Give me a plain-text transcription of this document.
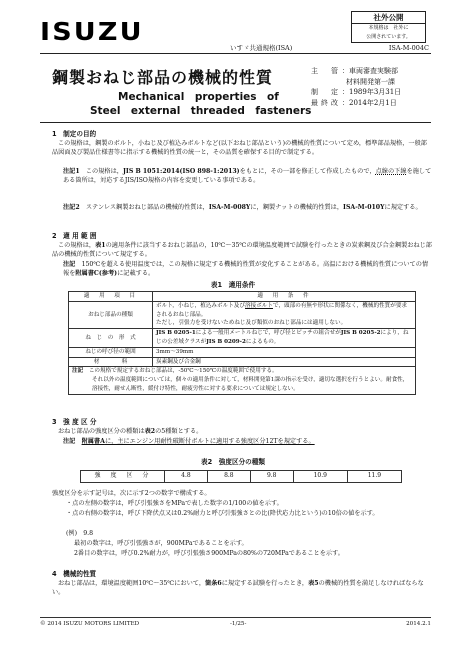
ISUZU	社外公開
本規格は　社外に
公開されています。
いすゞ共通規格(ISA)	ISA-M-004C
鋼製おねじ部品の機械的性質
Mechanical　properties　of
Steel　external　threaded　fasteners
主　管：車両審査実験部
材料開発第一課
制　定：1989年3月31日
最終改：2014年2月1日
1　制定の目的
この規格は，鋼製のボルト，小ねじ及び植込みボルトなど(以下おねじ部品という)の機械的性質について定め，標準部品規格，一般部品図面及び製品仕様書等に指示する機械的性質の統一と，その品質を確保する目的で制定する。
注記1　 この規格は，JIS B 1051:2014(ISO 898-1:2013)をもとに，その一部を修正して作成したもので，点線の下線を施してある箇所は，対応するJIS/ISO規格の内容を変更している事項である。
注記2　 ステンレス鋼製おねじ部品の機械的性質は，ISA-M-008Yに，鋼製ナットの機械的性質は，ISA-M-010Yに規定する。
2　適 用 範 囲
この規格は，表1の適用条件に該当するおねじ部品の，10℃〜35℃の環境温度範囲で試験を行ったときの炭素鋼及び合金鋼製おねじ部品の機械的性質について規定する。
注記　 150℃を超える使用温度では，この規格に規定する機械的性質が変化することがある。高温における機械的性質についての情報を附属書C(参考)に記載する。
表1　適用条件
適　用　項　目	適　用　条　件
おねじ部品の種類	ボルト，小ねじ，植込みボルト及び溶接ボルトで，頭部の有無や形状に関係なく，機械的性質が要求されるおねじ部品。
ただし，引張力を受けないためねじ及び類似のおねじ部品には適用しない。
ね　じ　の　形　式	JIS B 0205-1による一般用メートルねじで，呼び径とピッチの組合せがJIS B 0205-2により，ねじの公差域クラスがJIS B 0209-2によるもの。
ねじの呼び径の範囲	3mm〜39mm
材　　　　料	炭素鋼及び合金鋼
注記　 この規格で規定するおねじ部品は，-50℃〜150℃の温度範囲で使用する。

それ以外の温度範囲については，個々の適用条件に対して，材料開発第1課の指示を受け，適切な選択を行うとよい。耐食性，溶接性，耐せん断性，緩付け特性，耐疲労性に対する要求については規定しない。	
3　強 度 区 分
おねじ部品の強度区分の種類は表2の5種類とする。
注記　 附属書Aに，主にエンジン用耐性破断付ボルトに適用する強度区分12Tを規定する。
表2　強度区分の種類
強　度　区　分	4.8	8.8	9.8	10.9	11.9
強度区分を示す記号は，次に示す2つの数字で構成する。
・点の左側の数字は，呼び引張強さをMPaで表した数字の1/100の値を示す。
・点の右側の数字は，呼び下降伏点又は0.2%耐力と呼び引張強さとの比(降伏応力比という)の10倍の値を示す。
(例)　9.8
最初の数字は，呼び引張強さが，900MPaであることを示す。
2番目の数字は，呼び0.2%耐力が，呼び引張強さ900MPaの80%の720MPaであることを示す。
4　機械的性質
おねじ部品は，環境温度範囲10℃〜35℃において，箇条6に規定する試験を行ったとき，表5の機械的性質を満足しなければならない。
© 2014 ISUZU MOTORS LIMITED	-1/25-	2014.2.1
